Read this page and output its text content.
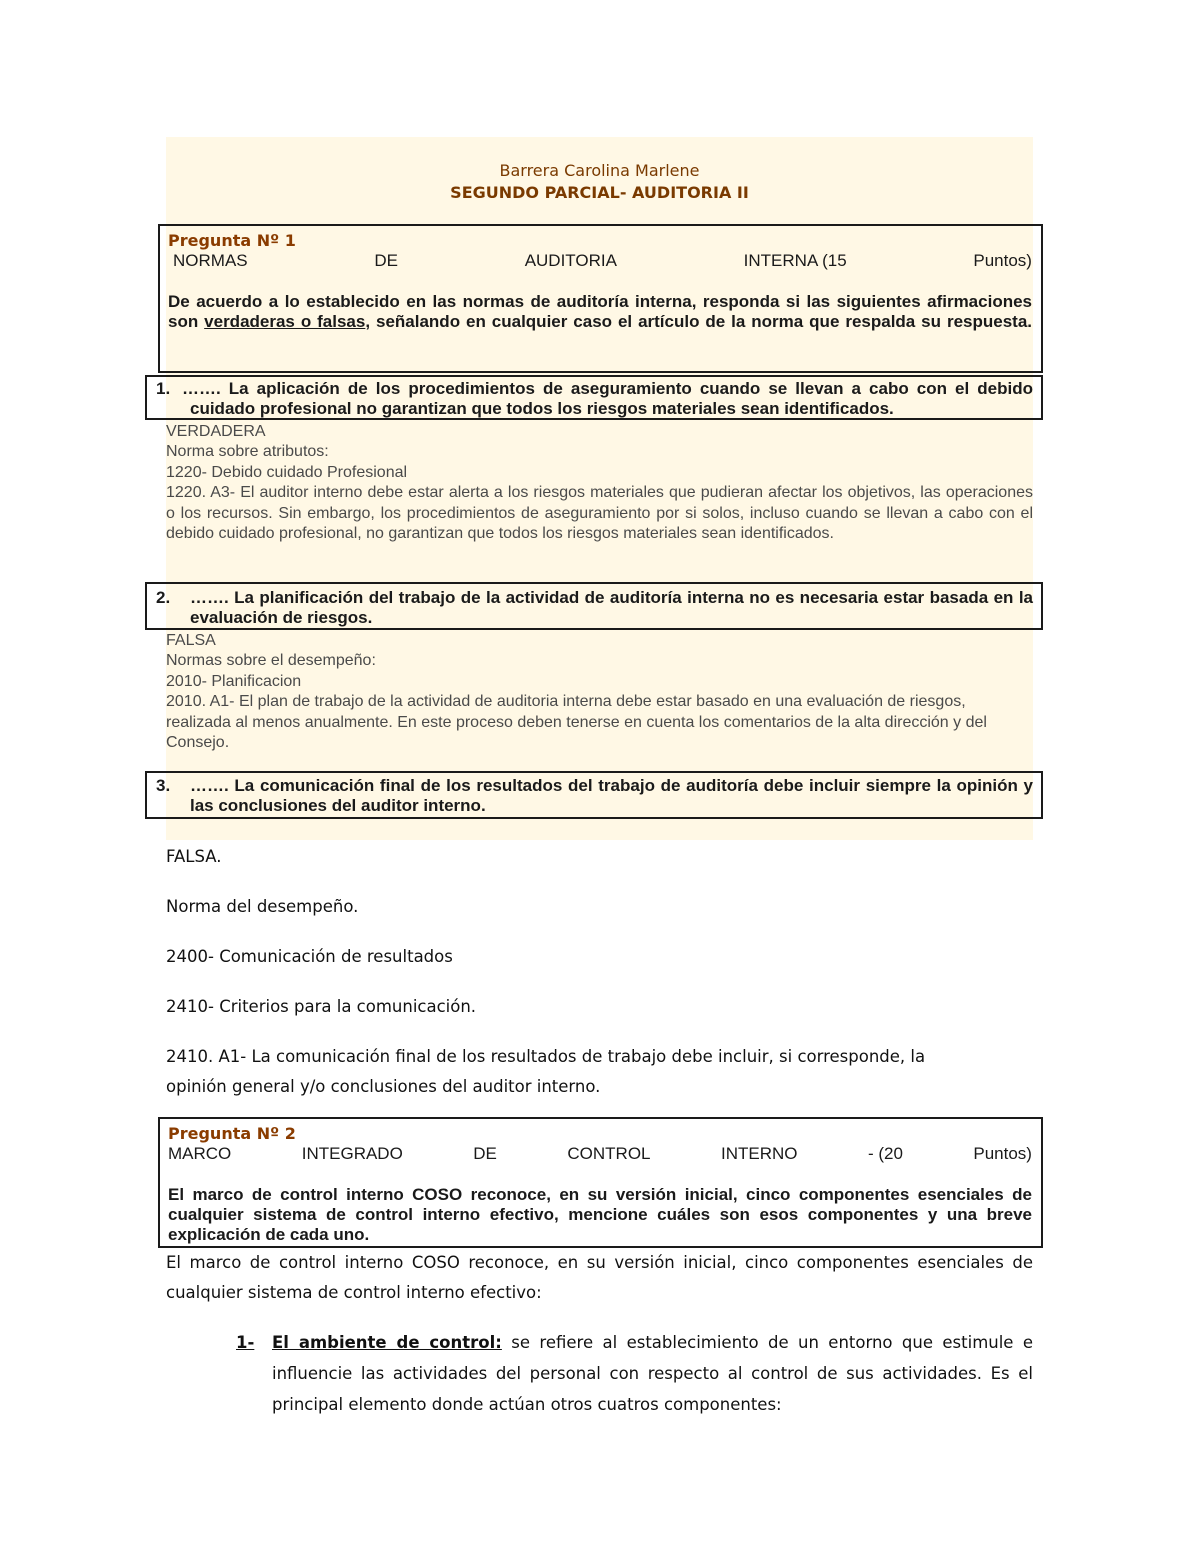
Barrera Carolina Marlene
SEGUNDO PARCIAL- AUDITORIA II
Pregunta Nº 1
NORMAS	DE	AUDITORIA	INTERNA (15	Puntos)
De acuerdo a lo establecido en las normas de auditoría interna, responda si las siguientes afirmaciones son verdaderas o falsas, señalando en cualquier caso el artículo de la norma que respalda su respuesta.
1. ……. La aplicación de los procedimientos de aseguramiento cuando se llevan a cabo con el debido cuidado profesional no garantizan que todos los riesgos materiales sean identificados.
VERDADERA
Norma sobre atributos:
1220- Debido cuidado Profesional
1220. A3- El auditor interno debe estar alerta a los riesgos materiales que pudieran afectar los objetivos, las operaciones o los recursos. Sin embargo, los procedimientos de aseguramiento por si solos, incluso cuando se llevan a cabo con el debido cuidado profesional, no garantizan que todos los riesgos materiales sean identificados.
2. ……. La planificación del trabajo de la actividad de auditoría interna no es necesaria estar basada en la evaluación de riesgos.
FALSA
Normas sobre el desempeño:
2010- Planificacion
2010. A1- El plan de trabajo de la actividad de auditoria interna debe estar basado en una evaluación de riesgos, realizada al menos anualmente. En este proceso deben tenerse en cuenta los comentarios de la alta dirección y del Consejo.
3. ……. La comunicación final de los resultados del trabajo de auditoría debe incluir siempre la opinión y las conclusiones del auditor interno.
FALSA.
Norma del desempeño.
2400- Comunicación de resultados
2410- Criterios para la comunicación.
2410. A1- La comunicación final de los resultados de trabajo debe incluir, si corresponde, la opinión general y/o conclusiones del auditor interno.
Pregunta Nº 2
MARCO	INTEGRADO	DE	CONTROL	INTERNO	- (20	Puntos)
El marco de control interno COSO reconoce, en su versión inicial, cinco componentes esenciales de cualquier sistema de control interno efectivo, mencione cuáles son esos componentes y una breve explicación de cada uno.
El marco de control interno COSO reconoce, en su versión inicial, cinco componentes esenciales de cualquier sistema de control interno efectivo:
1- El ambiente de control: se refiere al establecimiento de un entorno que estimule e influencie las actividades del personal con respecto al control de sus actividades. Es el principal elemento donde actúan otros cuatros componentes:
